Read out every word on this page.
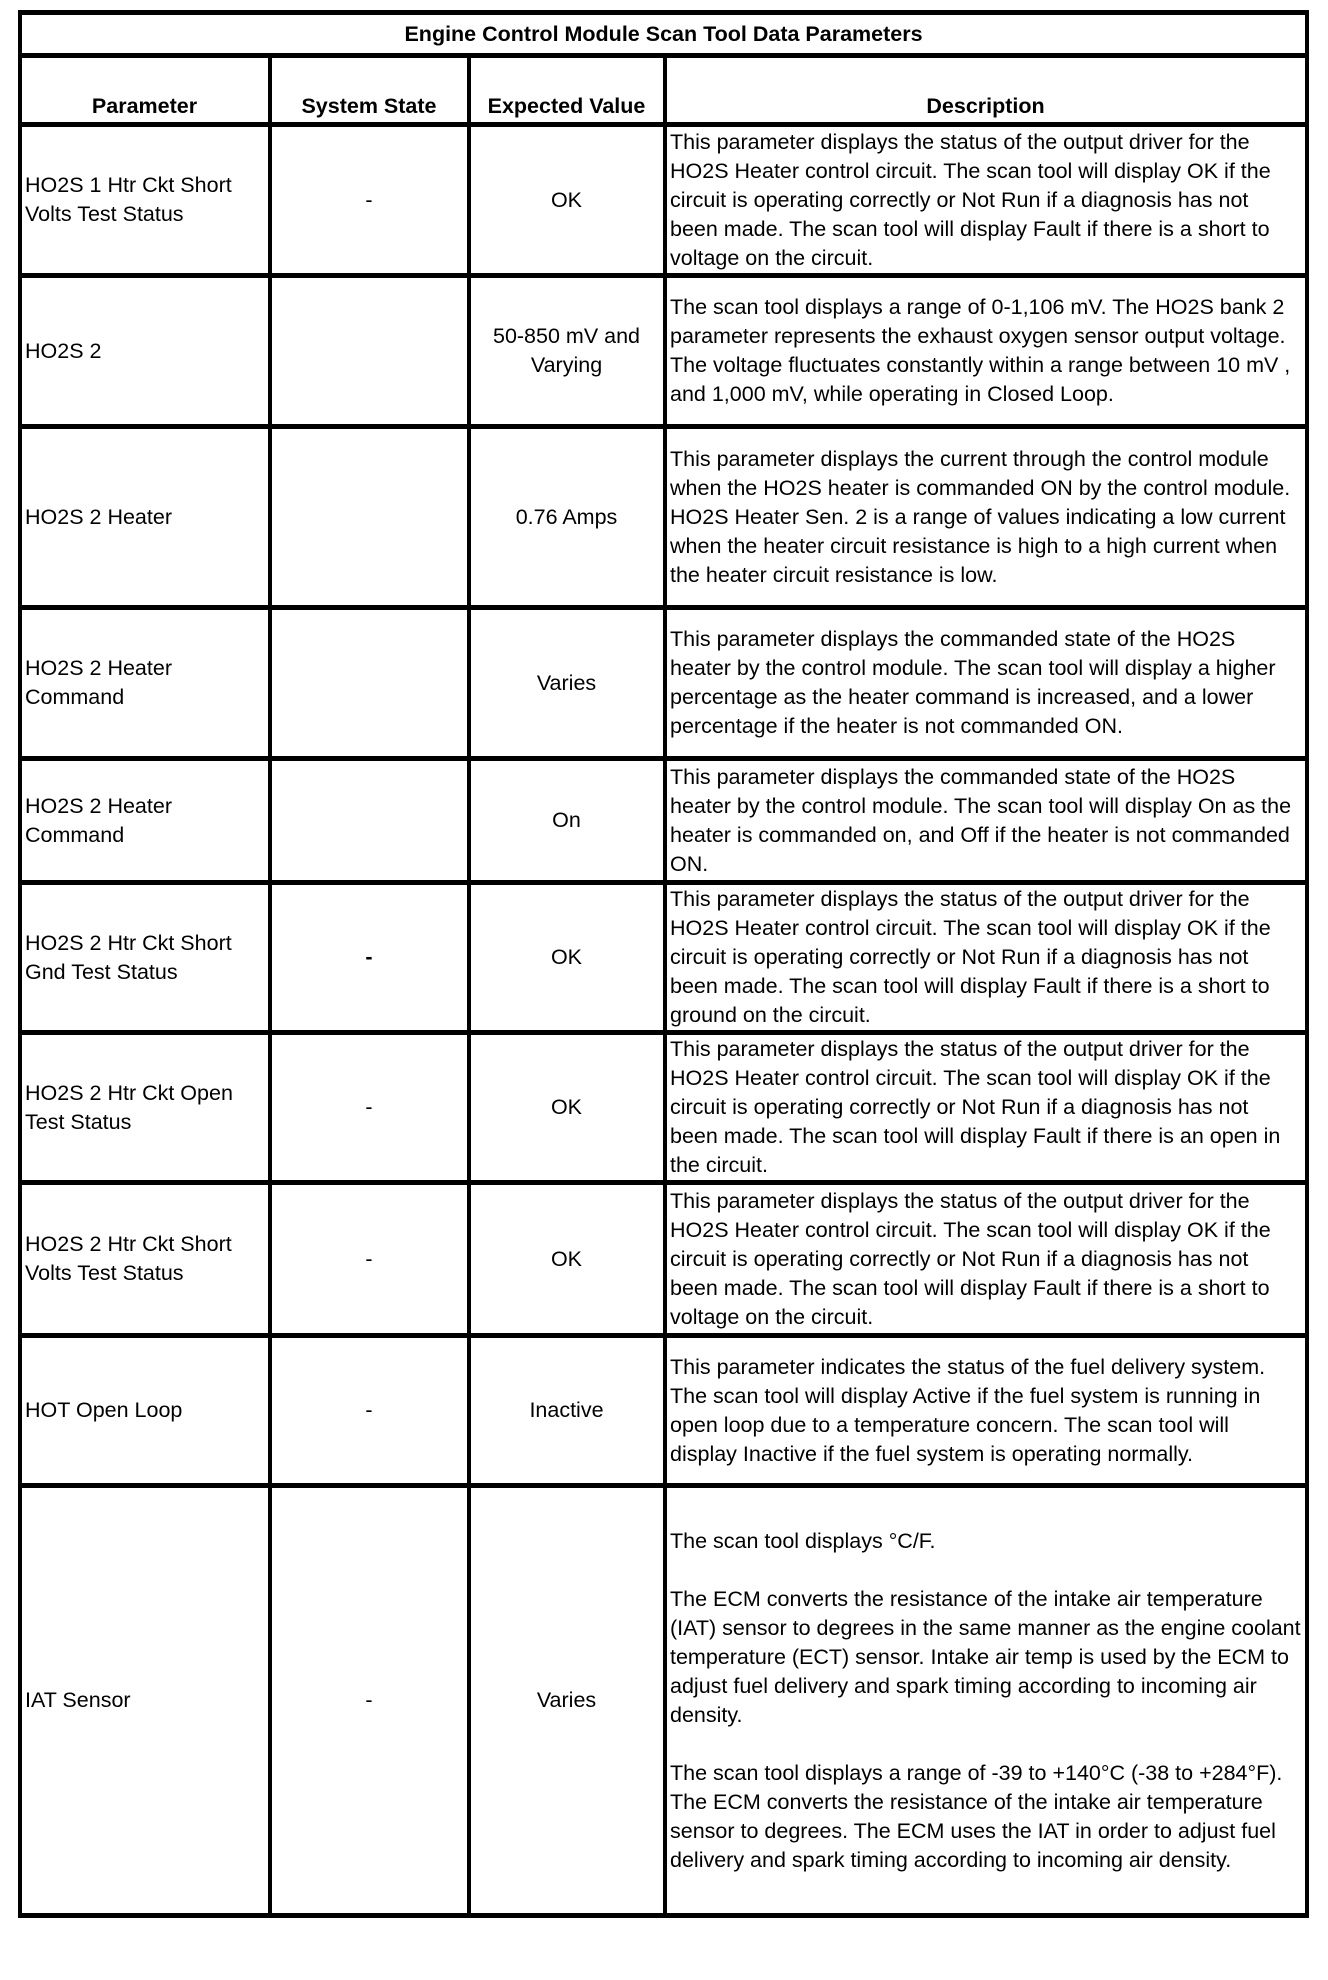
Engine Control Module Scan Tool Data Parameters			
Parameter	System State	Expected Value	Description
HO2S 1 Htr Ckt Short Volts Test Status	-	OK	This parameter displays the status of the output driver for the HO2S Heater control circuit. The scan tool will display OK if the circuit is operating correctly or Not Run if a diagnosis has not been made. The scan tool will display Fault if there is a short to voltage on the circuit.

HO2S 2		50-850 mV and Varying	The scan tool displays a range of 0-1,106 mV. The HO2S bank 2 parameter represents the exhaust oxygen sensor output voltage. The voltage fluctuates constantly within a range between 10 mV , and 1,000 mV, while operating in Closed Loop.

HO2S 2 Heater		0.76 Amps	This parameter displays the current through the control module when the HO2S heater is commanded ON by the control module. HO2S Heater Sen. 2 is a range of values indicating a low current when the heater circuit resistance is high to a high current when the heater circuit resistance is low.

HO2S 2 Heater Command		Varies	This parameter displays the commanded state of the HO2S heater by the control module. The scan tool will display a higher percentage as the heater command is increased, and a lower percentage if the heater is not commanded ON.

HO2S 2 Heater Command		On	This parameter displays the commanded state of the HO2S heater by the control module. The scan tool will display On as the heater is commanded on, and Off if the heater is not commanded ON.

HO2S 2 Htr Ckt Short Gnd Test Status	-	OK	This parameter displays the status of the output driver for the HO2S Heater control circuit. The scan tool will display OK if the circuit is operating correctly or Not Run if a diagnosis has not been made. The scan tool will display Fault if there is a short to ground on the circuit.

HO2S 2 Htr Ckt Open Test Status	-	OK	This parameter displays the status of the output driver for the HO2S Heater control circuit. The scan tool will display OK if the circuit is operating correctly or Not Run if a diagnosis has not been made. The scan tool will display Fault if there is an open in the circuit.

HO2S 2 Htr Ckt Short Volts Test Status	-	OK	This parameter displays the status of the output driver for the HO2S Heater control circuit. The scan tool will display OK if the circuit is operating correctly or Not Run if a diagnosis has not been made. The scan tool will display Fault if there is a short to voltage on the circuit.

HOT Open Loop	-	Inactive	This parameter indicates the status of the fuel delivery system. The scan tool will display Active if the fuel system is running in open loop due to a temperature concern. The scan tool will display Inactive if the fuel system is operating normally.

IAT Sensor	-	Varies	The scan tool displays °C/F.
The ECM converts the resistance of the intake air temperature (IAT) sensor to degrees in the same manner as the engine coolant temperature (ECT) sensor. Intake air temp is used by the ECM to adjust fuel delivery and spark timing according to incoming air density.
The scan tool displays a range of -39 to +140°C (-38 to +284°F). The ECM converts the resistance of the intake air temperature sensor to degrees. The ECM uses the IAT in order to adjust fuel delivery and spark timing according to incoming air density.
